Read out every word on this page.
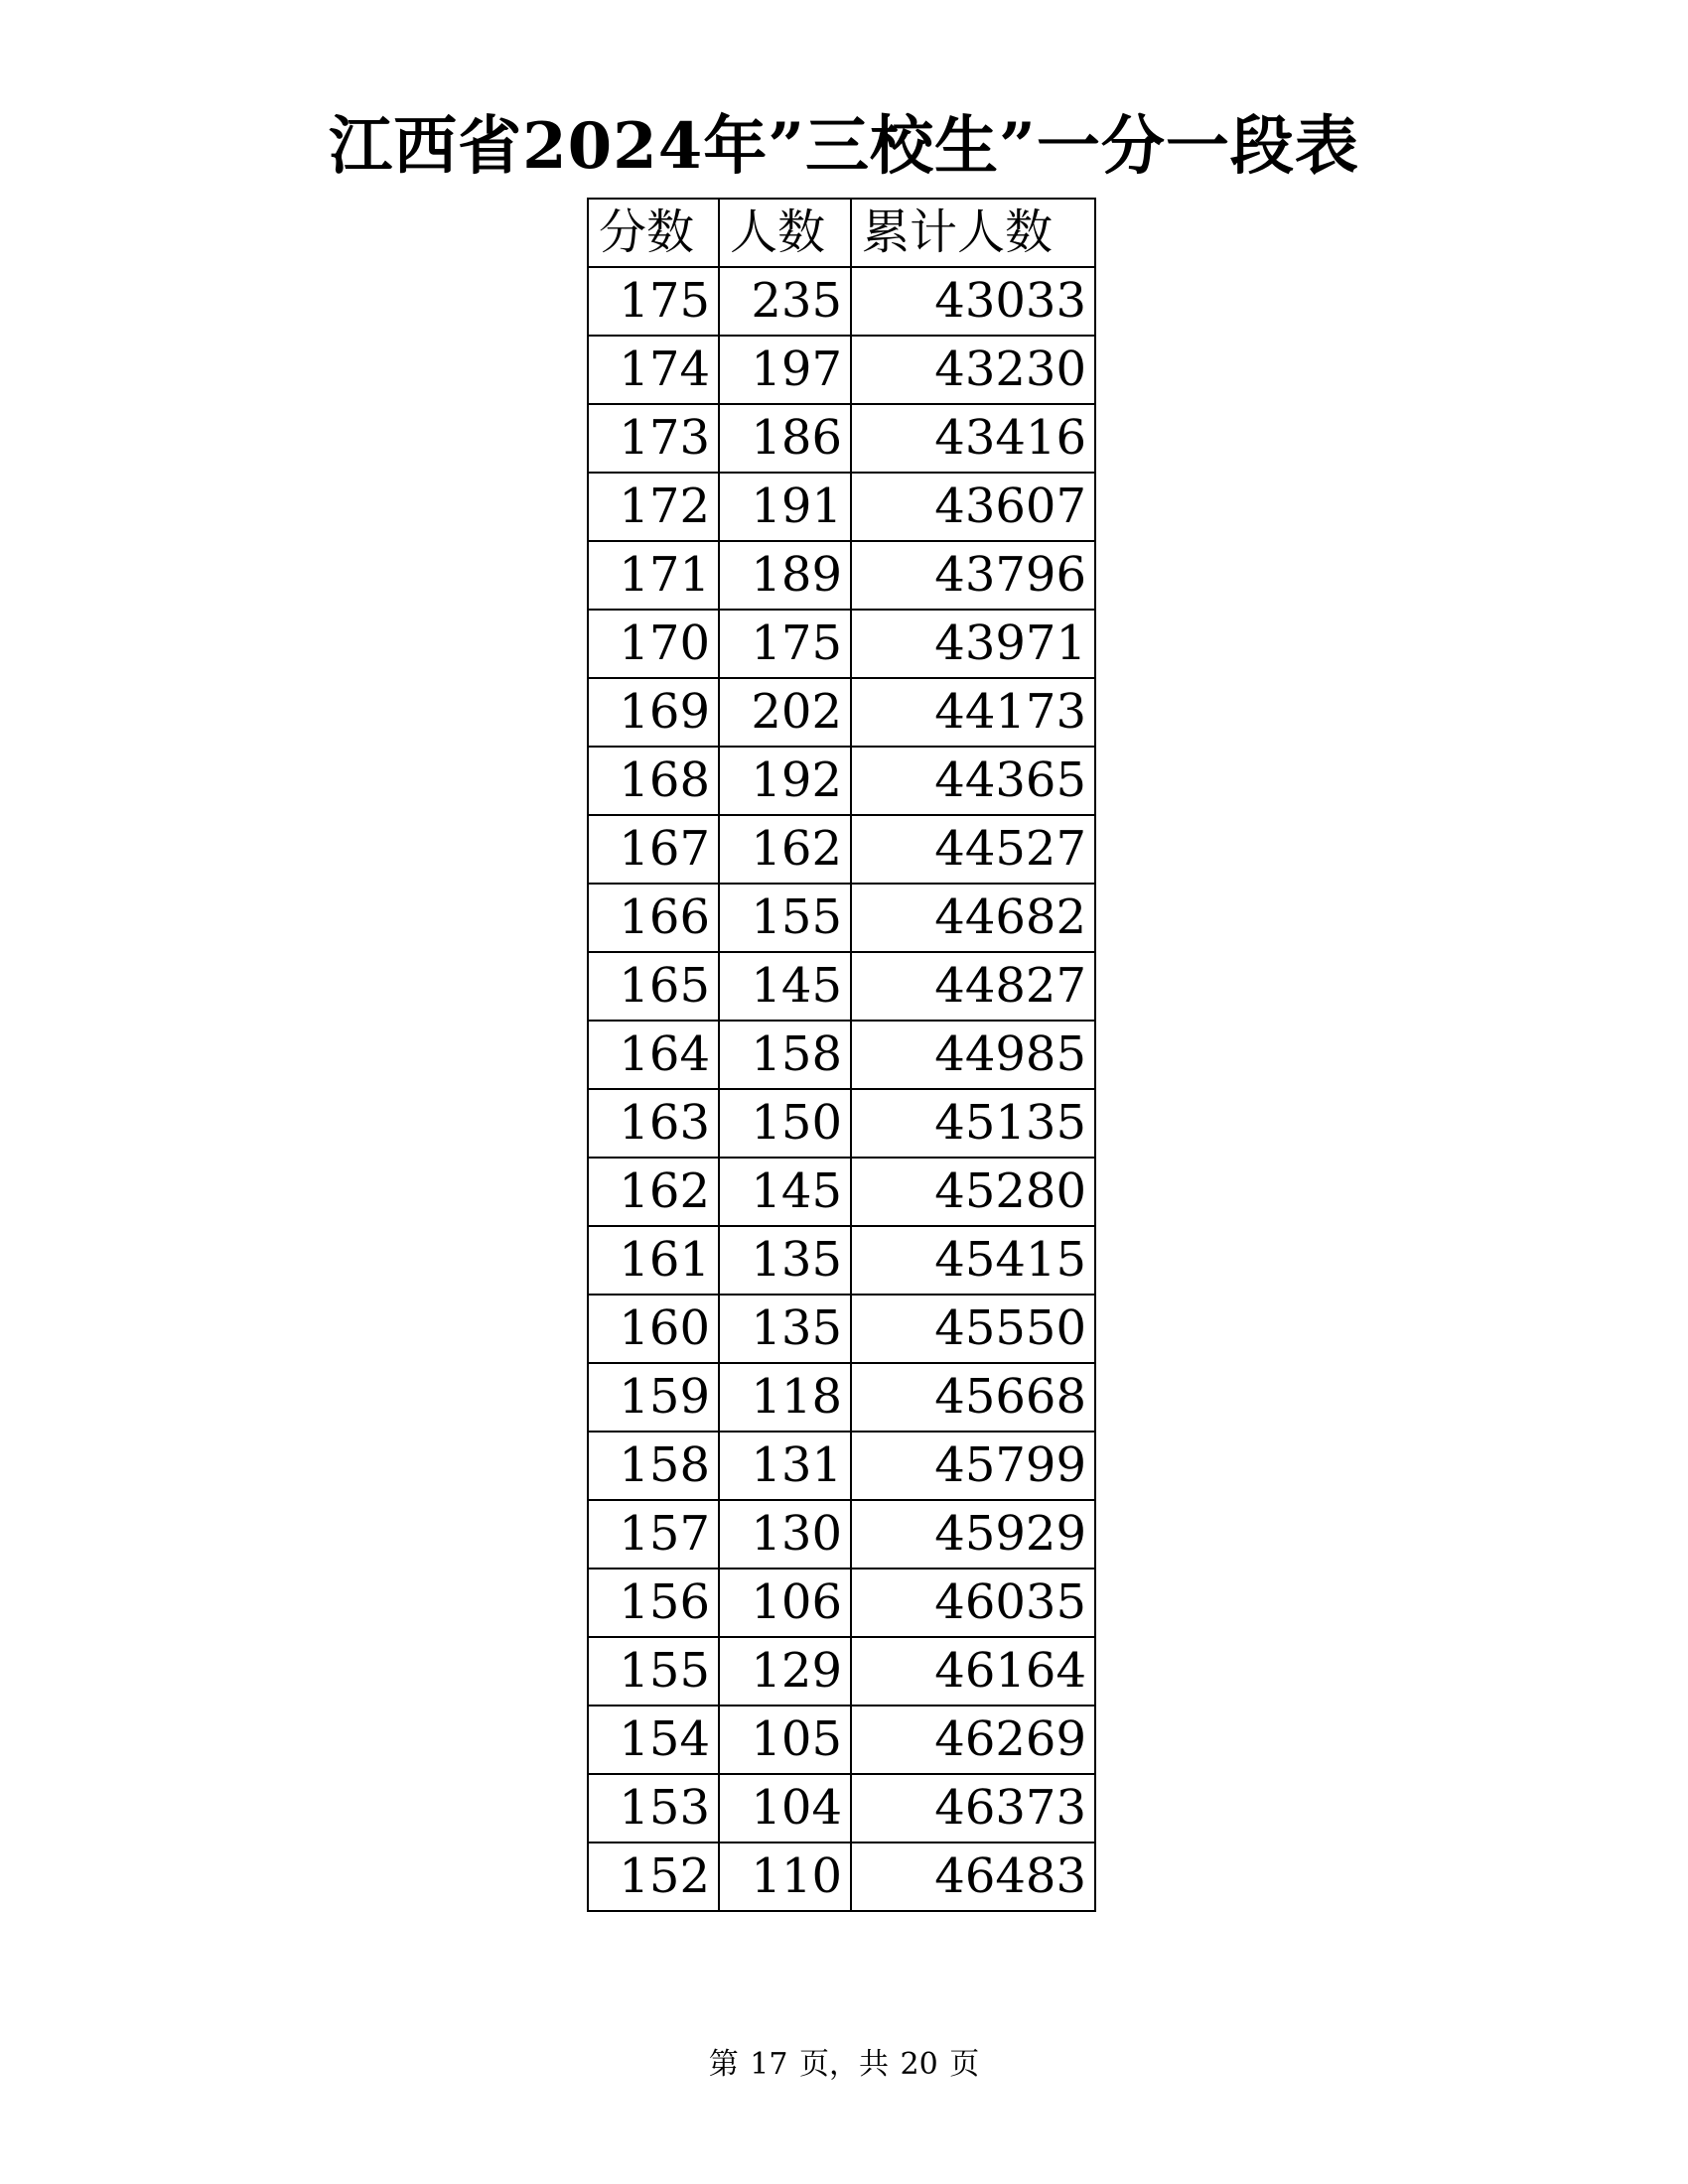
江西省2024年”三校生”一分一段表
分数	人数	累计人数
175	235	43033
174	197	43230
173	186	43416
172	191	43607
171	189	43796
170	175	43971
169	202	44173
168	192	44365
167	162	44527
166	155	44682
165	145	44827
164	158	44985
163	150	45135
162	145	45280
161	135	45415
160	135	45550
159	118	45668
158	131	45799
157	130	45929
156	106	46035
155	129	46164
154	105	46269
153	104	46373
152	110	46483
第 17 页，共 20 页
